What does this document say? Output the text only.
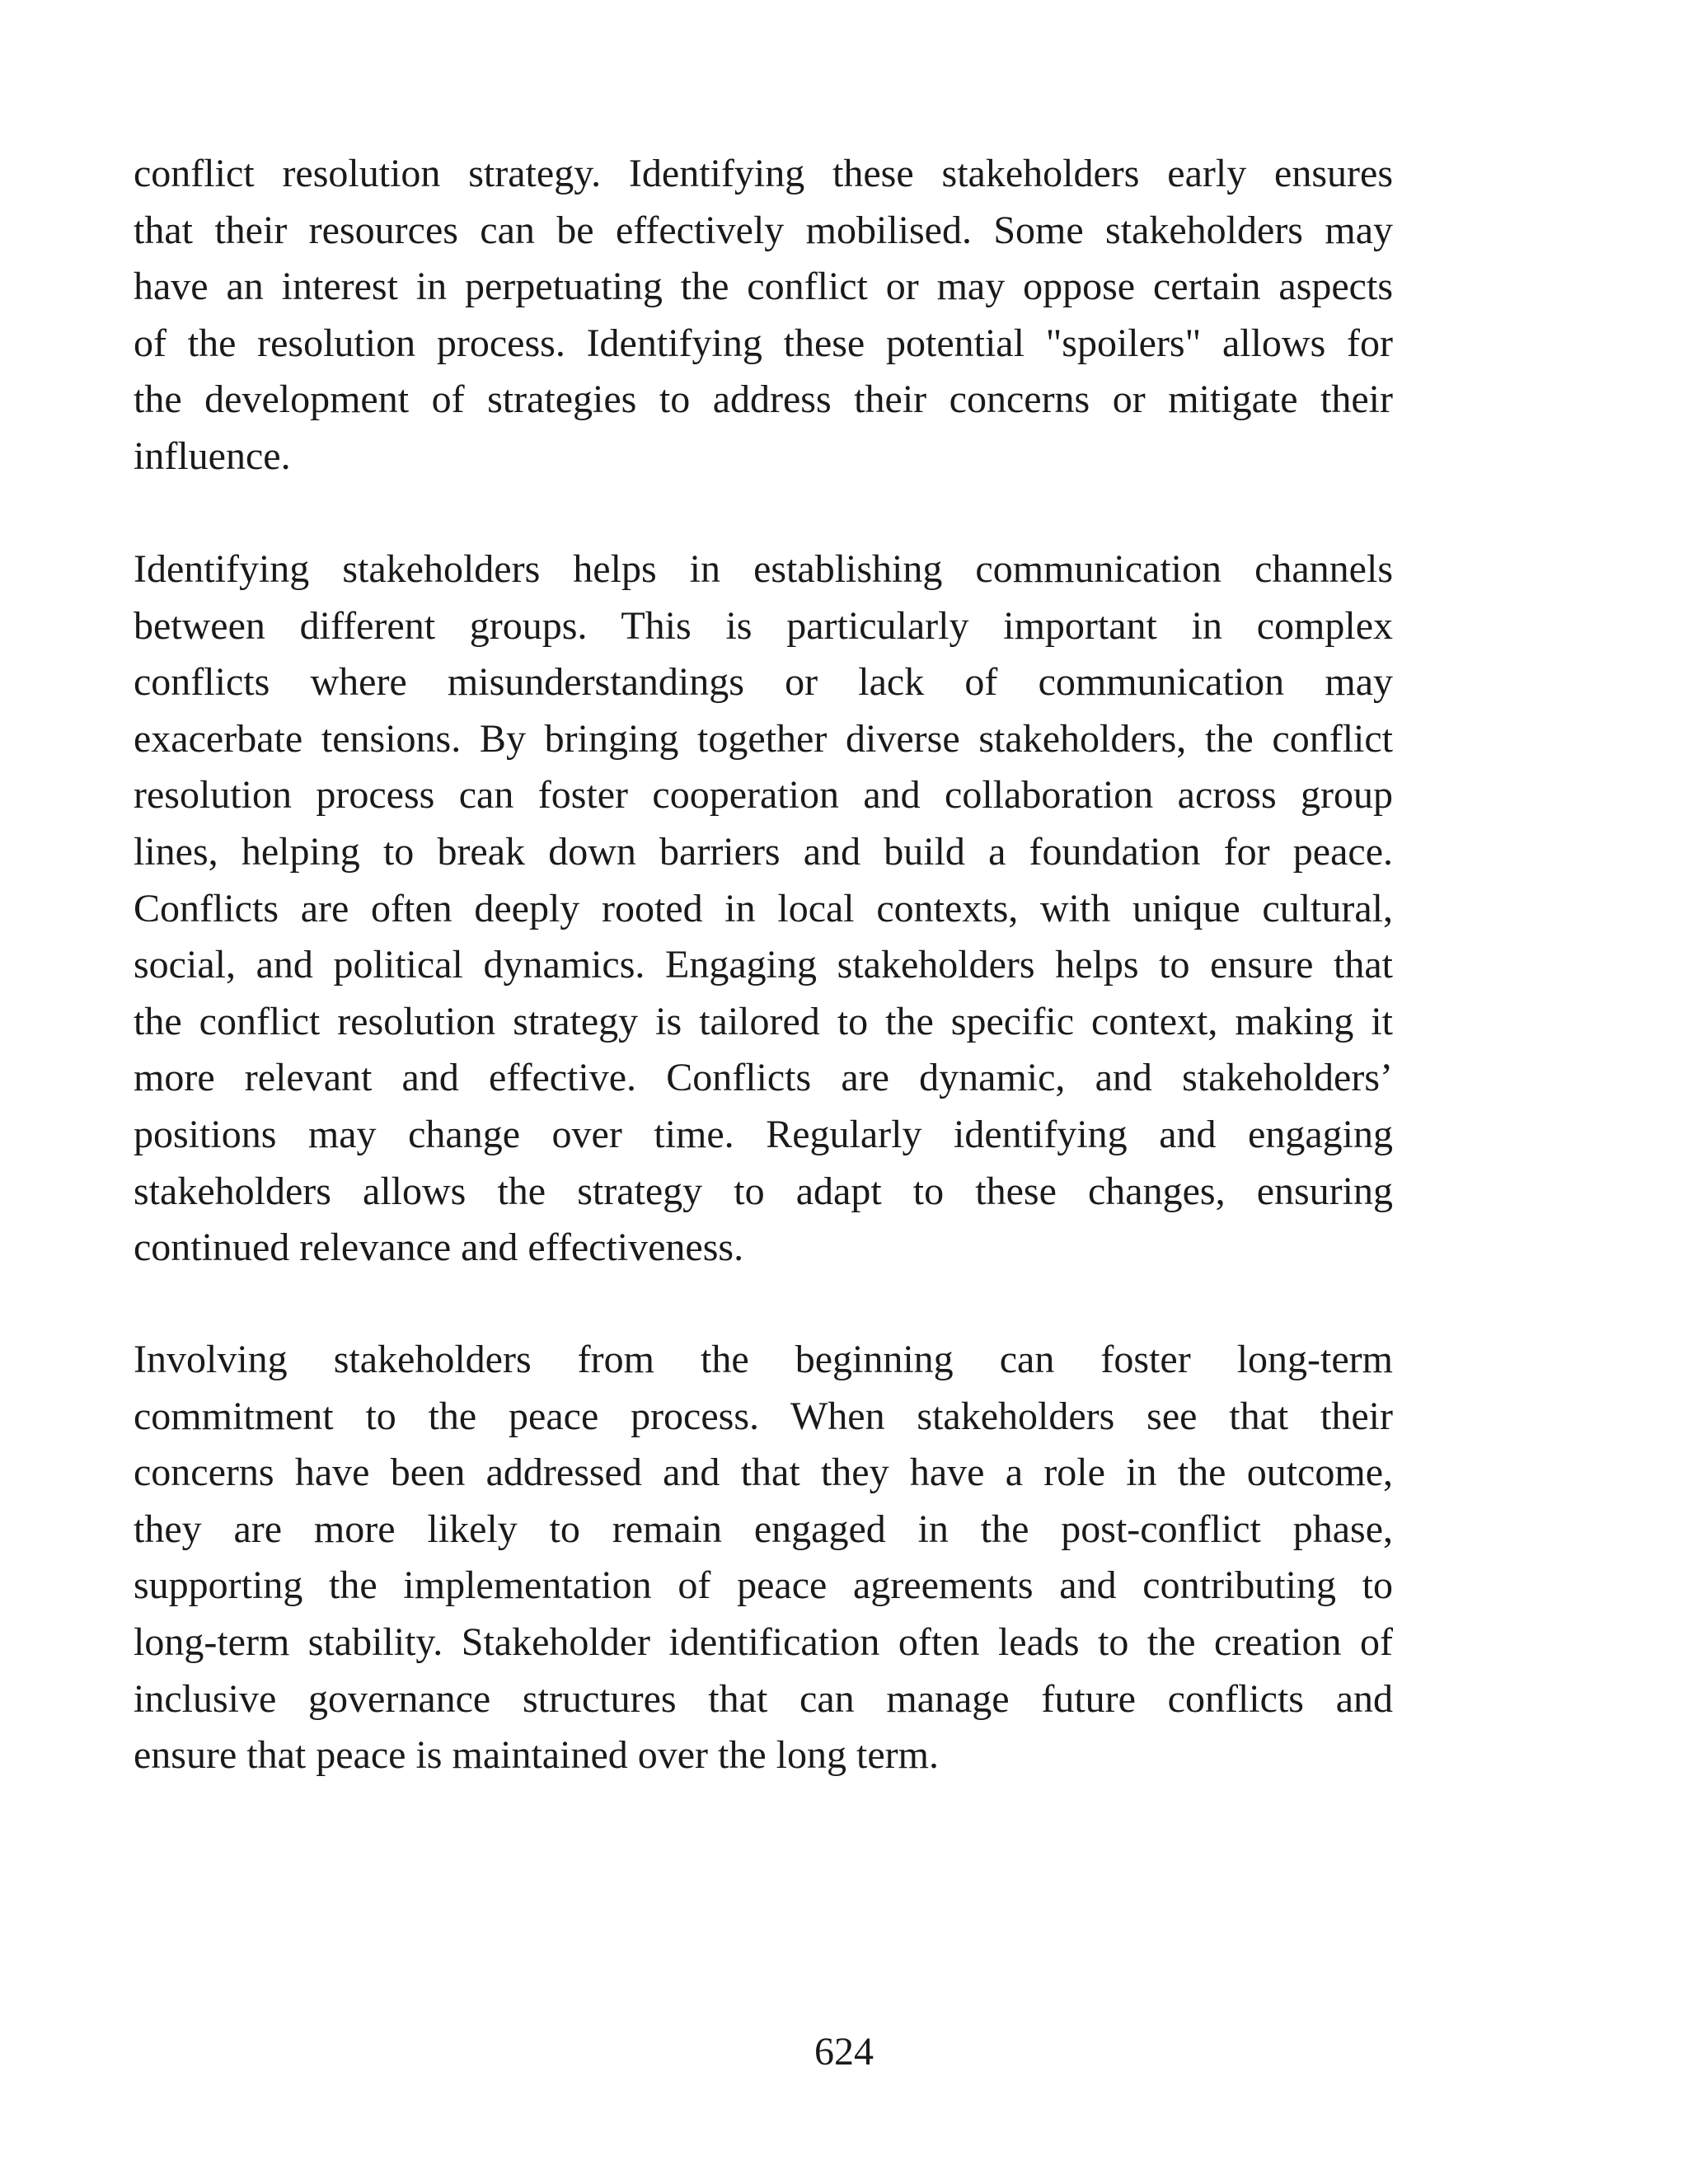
conflict resolution strategy. Identifying these stakeholders early ensures
that their resources can be effectively mobilised. Some stakeholders may
have an interest in perpetuating the conflict or may oppose certain aspects
of the resolution process. Identifying these potential "spoilers" allows for
the development of strategies to address their concerns or mitigate their
influence.
Identifying stakeholders helps in establishing communication channels
between different groups. This is particularly important in complex
conflicts where misunderstandings or lack of communication may
exacerbate tensions. By bringing together diverse stakeholders, the conflict
resolution process can foster cooperation and collaboration across group
lines, helping to break down barriers and build a foundation for peace.
Conflicts are often deeply rooted in local contexts, with unique cultural,
social, and political dynamics. Engaging stakeholders helps to ensure that
the conflict resolution strategy is tailored to the specific context, making it
more relevant and effective. Conflicts are dynamic, and stakeholders’
positions may change over time. Regularly identifying and engaging
stakeholders allows the strategy to adapt to these changes, ensuring
continued relevance and effectiveness.
Involving stakeholders from the beginning can foster long-term
commitment to the peace process. When stakeholders see that their
concerns have been addressed and that they have a role in the outcome,
they are more likely to remain engaged in the post-conflict phase,
supporting the implementation of peace agreements and contributing to
long-term stability. Stakeholder identification often leads to the creation of
inclusive governance structures that can manage future conflicts and
ensure that peace is maintained over the long term.
624
